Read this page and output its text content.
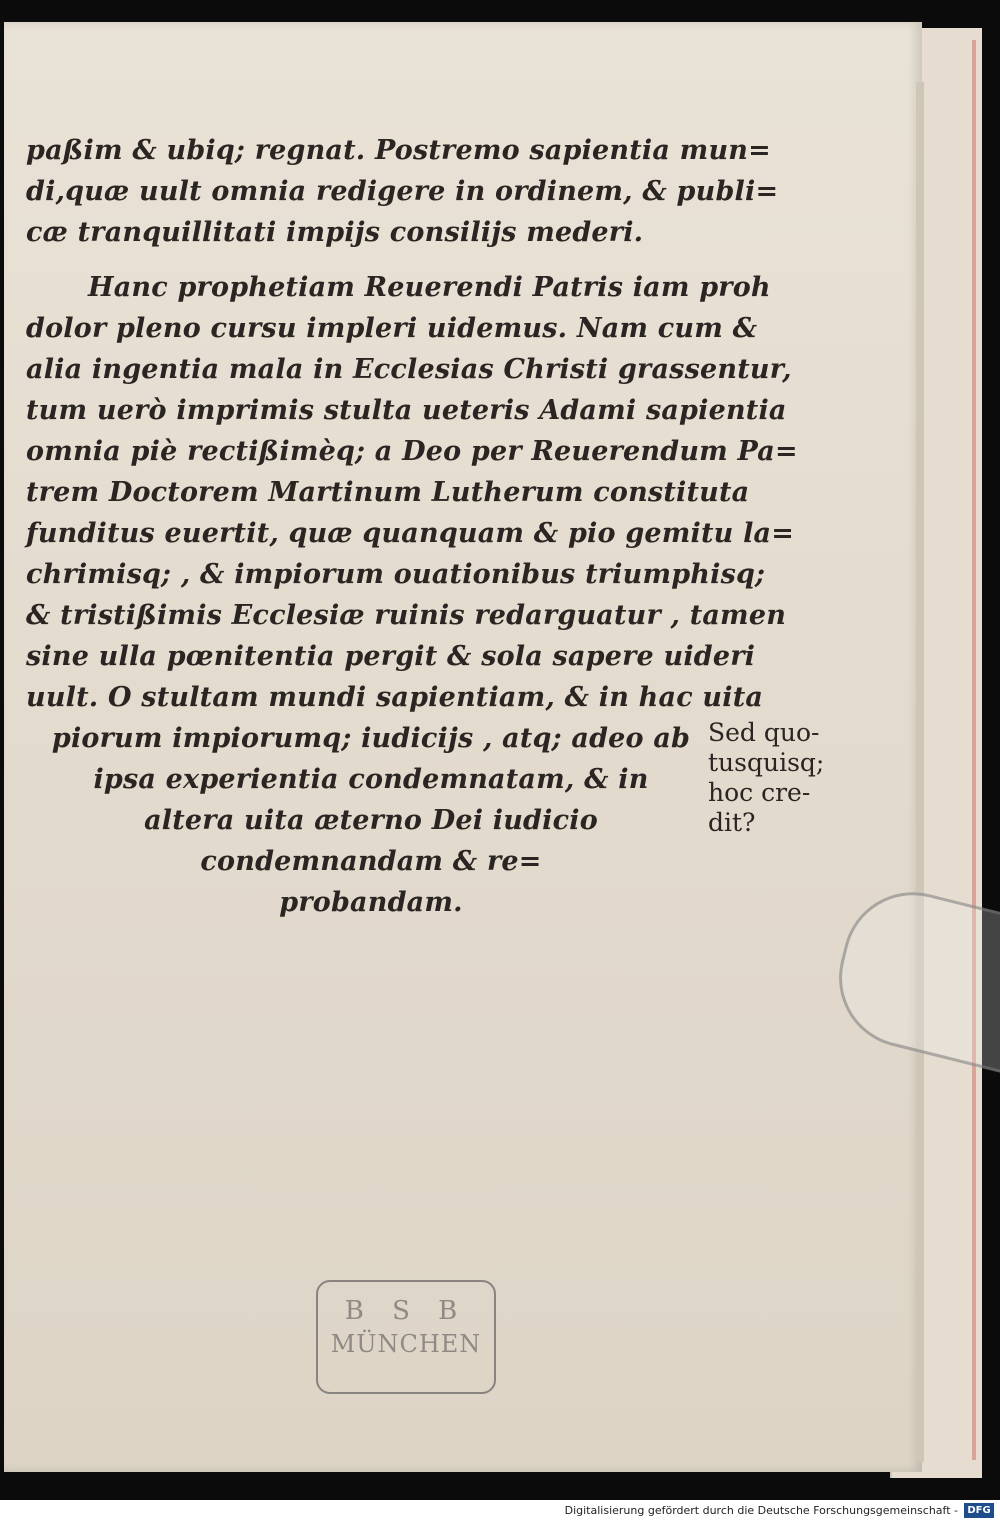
paßim & ubiq; regnat. Postremo sapientia mun=
di,quæ uult omnia redigere in ordinem, & publi=
cæ tranquillitati impijs consilijs mederi.
Hanc prophetiam Reuerendi Patris iam proh
dolor pleno cursu impleri uidemus. Nam cum &
alia ingentia mala in Ecclesias Christi grassentur,
tum uerò imprimis stulta ueteris Adami sapientia
omnia piè rectißimèq; a Deo per Reuerendum Pa=
trem Doctorem Martinum Lutherum constituta
funditus euertit, quæ quanquam & pio gemitu la=
chrimisq; , & impiorum ouationibus triumphisq;
& tristißimis Ecclesiæ ruinis redarguatur , tamen
sine ulla pœnitentia pergit & sola sapere uideri
uult. O stultam mundi sapientiam, & in hac uita
piorum impiorumq; iudicijs , atq; adeo ab
ipsa experientia condemnatam, & in
altera uita æterno Dei iudicio
condemnandam & re=
probandam.
Sed quo-
tusquisq;
hoc cre-
dit?
B S B
MÜNCHEN
Digitalisierung gefördert durch die Deutsche Forschungsgemeinschaft - DFG
